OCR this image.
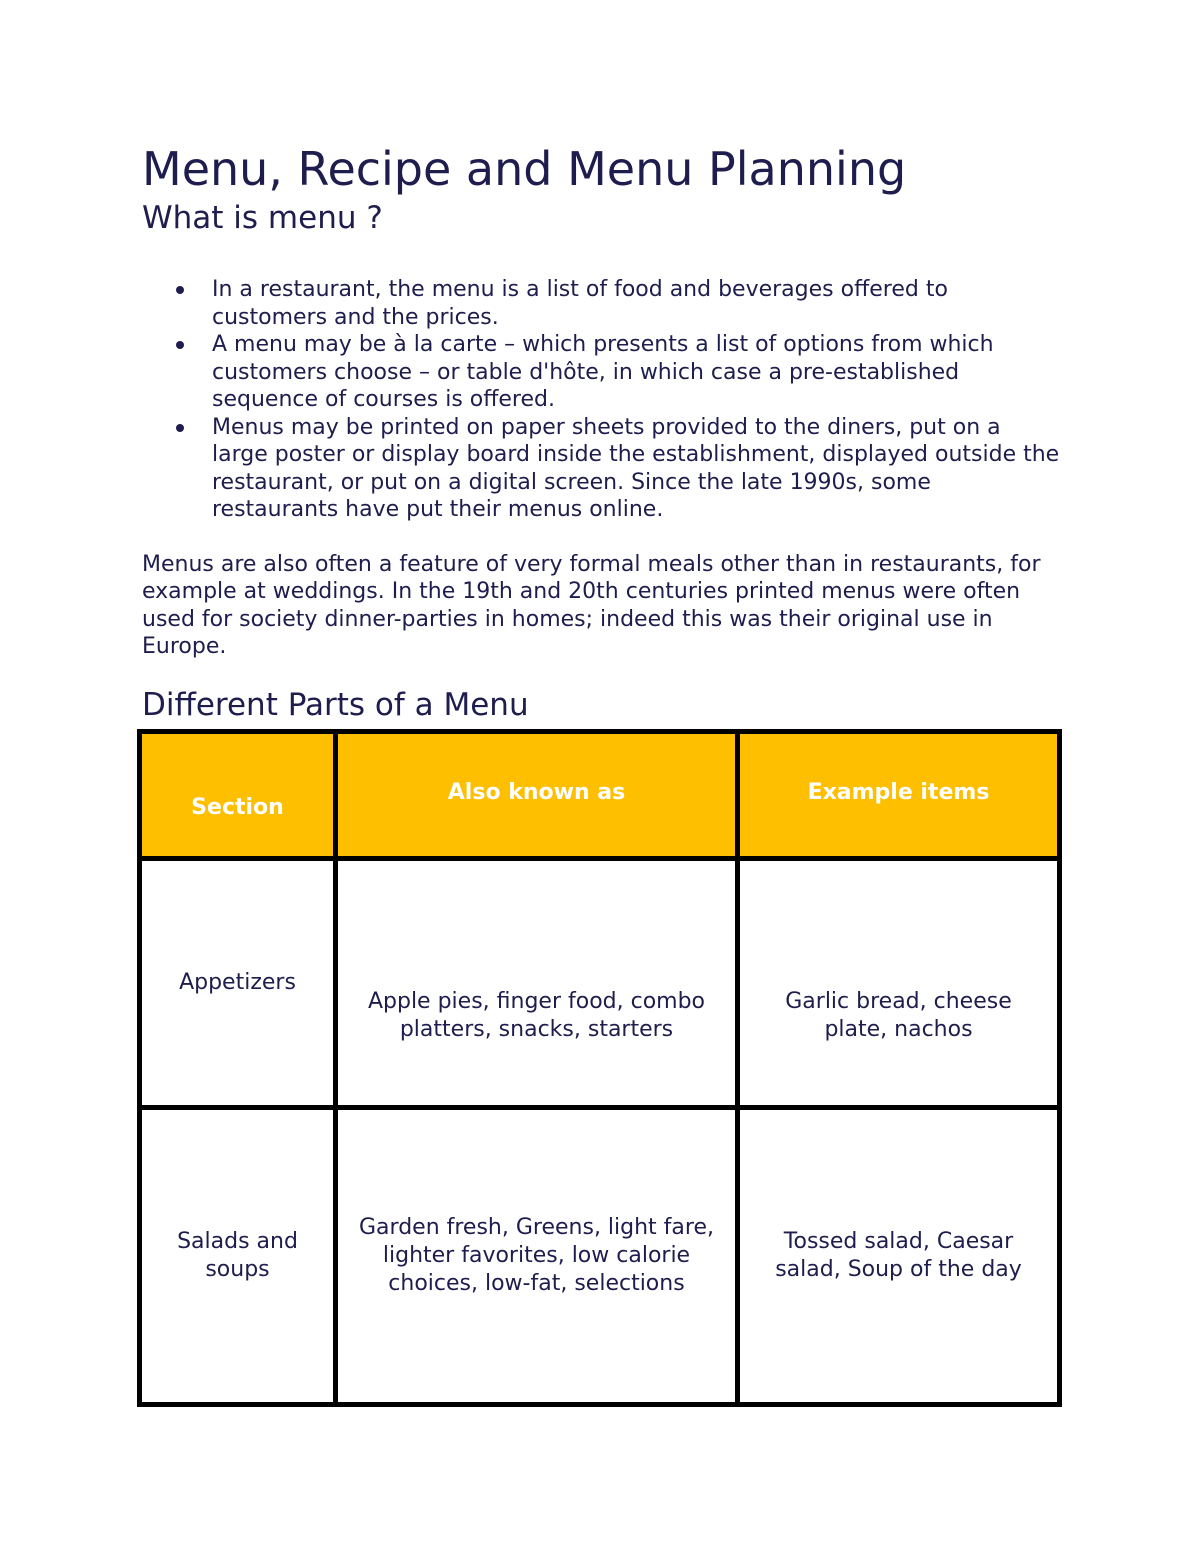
Menu, Recipe and Menu Planning
What is menu ?
In a restaurant, the menu is a list of food and beverages offered to customers and the prices.
A menu may be à la carte – which presents a list of options from which customers choose – or table d'hôte, in which case a pre-established sequence of courses is offered.
Menus may be printed on paper sheets provided to the diners, put on a large poster or display board inside the establishment, displayed outside the restaurant, or put on a digital screen. Since the late 1990s, some restaurants have put their menus online.

Menus are also often a feature of very formal meals other than in restaurants, for example at weddings. In the 19th and 20th centuries printed menus were often used for society dinner-parties in homes; indeed this was their original use in Europe.

Different Parts of a Menu
Section	Also known as	Example items
Appetizers	Apple pies, finger food, combo platters, snacks, starters	Garlic bread, cheese plate, nachos
Salads and soups	Garden fresh, Greens, light fare, lighter favorites, low calorie choices, low-fat, selections	Tossed salad, Caesar salad, Soup of the day
